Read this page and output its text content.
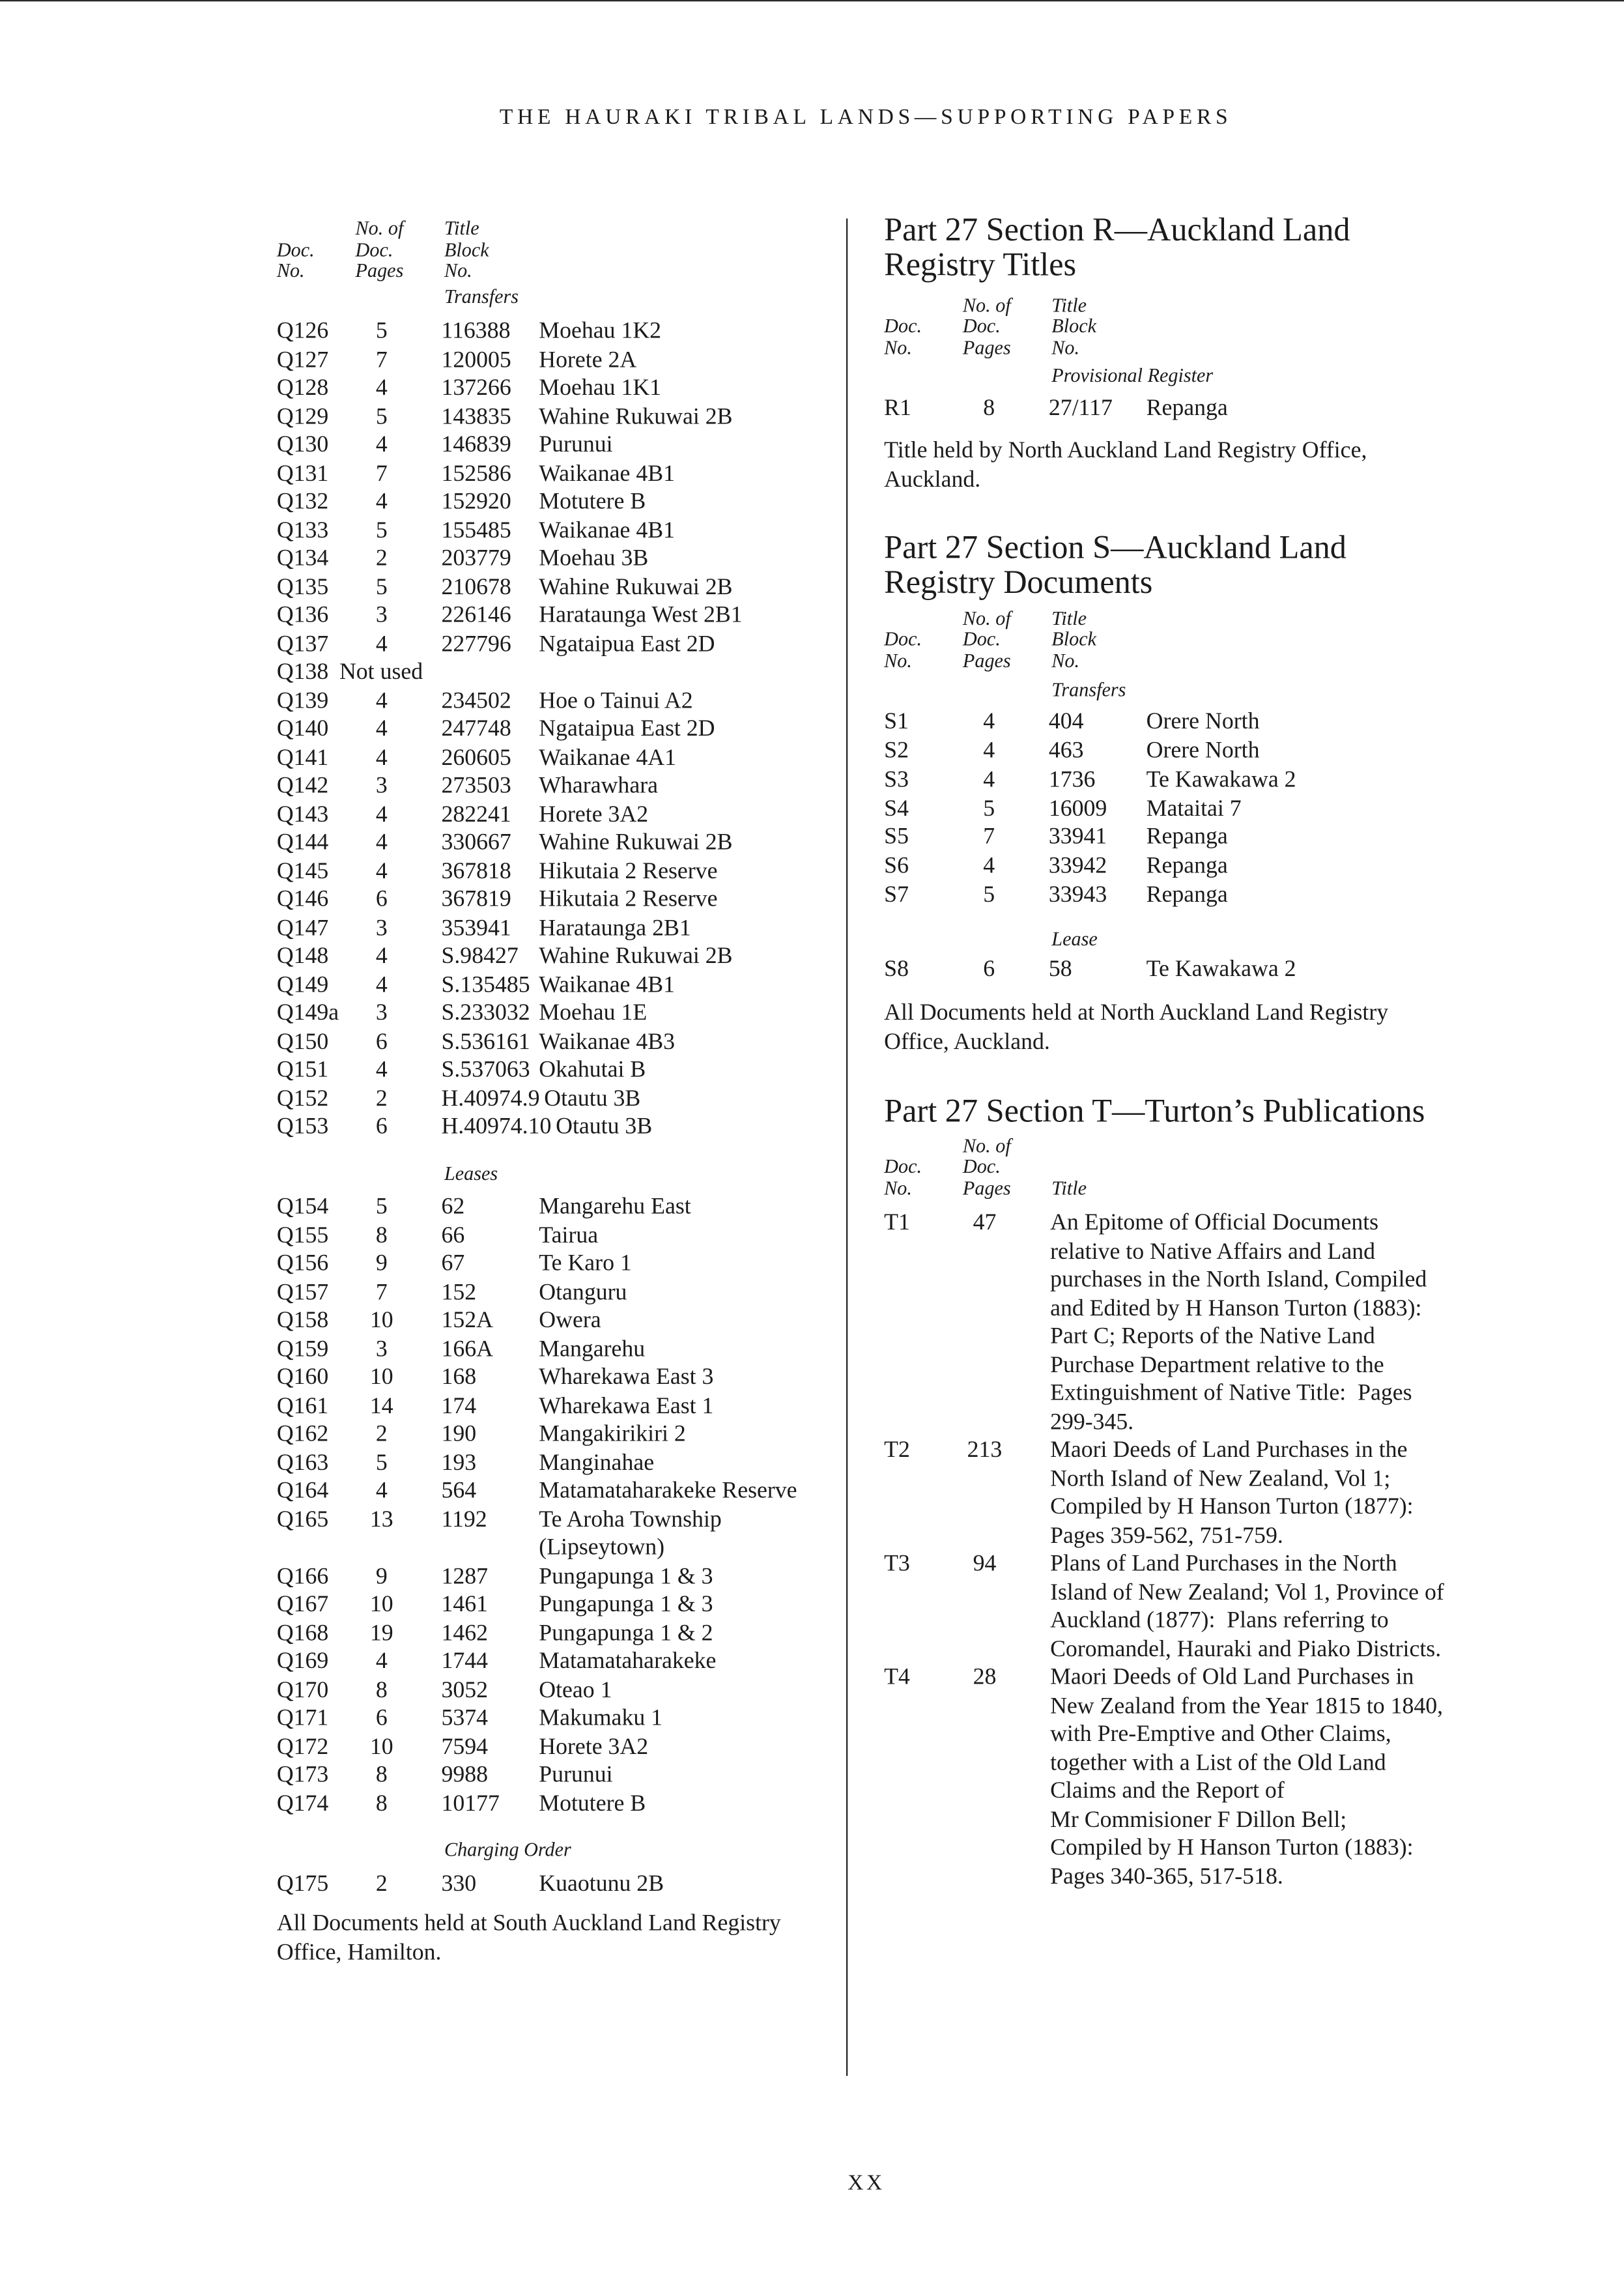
THE HAURAKI TRIBAL LANDS—SUPPORTING PAPERS
Doc.
No.
No. of
Doc.
Pages
Title
Block
No.
Transfers
Q126	5	116388	Moehau 1K2
Q127	7	120005	Horete 2A
Q128	4	137266	Moehau 1K1
Q129	5	143835	Wahine Rukuwai 2B
Q130	4	146839	Purunui
Q131	7	152586	Waikanae 4B1
Q132	4	152920	Motutere B
Q133	5	155485	Waikanae 4B1
Q134	2	203779	Moehau 3B
Q135	5	210678	Wahine Rukuwai 2B
Q136	3	226146	Harataunga West 2B1
Q137	4	227796	Ngataipua East 2D
Q138	Not used
Q139	4	234502	Hoe o Tainui A2
Q140	4	247748	Ngataipua East 2D
Q141	4	260605	Waikanae 4A1
Q142	3	273503	Wharawhara
Q143	4	282241	Horete 3A2
Q144	4	330667	Wahine Rukuwai 2B
Q145	4	367818	Hikutaia 2 Reserve
Q146	6	367819	Hikutaia 2 Reserve
Q147	3	353941	Harataunga 2B1
Q148	4	S.98427	Wahine Rukuwai 2B
Q149	4	S.135485 Waikanae 4B1
Q149a	3	S.233032 Moehau 1E
Q150	6	S.536161 Waikanae 4B3
Q151	4	S.537063 Okahutai B
Q152	2	H.40974.9 Otautu 3B
Q153	6	H.40974.10 Otautu 3B
Leases
Q154	5	62	Mangarehu East
Q155	8	66	Tairua
Q156	9	67	Te Karo 1
Q157	7	152	Otanguru
Q158	10	152A	Owera
Q159	3	166A	Mangarehu
Q160	10	168	Wharekawa East 3
Q161	14	174	Wharekawa East 1
Q162	2	190	Mangakirikiri 2
Q163	5	193	Manginahae
Q164	4	564	Matamataharakeke Reserve
Q165	13	1192	Te Aroha Township
(Lipseytown)
Q166	9	1287	Pungapunga 1 & 3
Q167	10	1461	Pungapunga 1 & 3
Q168	19	1462	Pungapunga 1 & 2
Q169	4	1744	Matamataharakeke
Q170	8	3052	Oteao 1
Q171	6	5374	Makumaku 1
Q172	10	7594	Horete 3A2
Q173	8	9988	Purunui
Q174	8	10177	Motutere B
Charging Order
Q175	2	330	Kuaotunu 2B
All Documents held at South Auckland Land Registry
Office, Hamilton.
Part 27 Section R—Auckland Land
Registry Titles
Doc.
No.
No. of
Doc.
Pages
Title
Block
No.
Provisional Register
R1	8	27/117	Repanga
Title held by North Auckland Land Registry Office,
Auckland.
Part 27 Section S—Auckland Land
Registry Documents
Doc.
No.
No. of
Doc.
Pages
Title
Block
No.
Transfers
S1	4	404	Orere North
S2	4	463	Orere North
S3	4	1736	Te Kawakawa 2
S4	5	16009	Mataitai 7
S5	7	33941	Repanga
S6	4	33942	Repanga
S7	5	33943	Repanga
Lease
S8	6	58	Te Kawakawa 2
All Documents held at North Auckland Land Registry
Office, Auckland.
Part 27 Section T—Turton’s Publications
Doc.
No.
No. of
Doc.
Pages	Title
T1	47	An Epitome of Official Documents
relative to Native Affairs and Land
purchases in the North Island, Compiled
and Edited by H Hanson Turton (1883):
Part C; Reports of the Native Land
Purchase Department relative to the
Extinguishment of Native Title:  Pages
299-345.
T2	213	Maori Deeds of Land Purchases in the
North Island of New Zealand, Vol 1;
Compiled by H Hanson Turton (1877):
Pages 359-562, 751-759.
T3	94	Plans of Land Purchases in the North
Island of New Zealand; Vol 1, Province of
Auckland (1877):  Plans referring to
Coromandel, Hauraki and Piako Districts.
T4	28	Maori Deeds of Old Land Purchases in
New Zealand from the Year 1815 to 1840,
with Pre-Emptive and Other Claims,
together with a List of the Old Land
Claims and the Report of
Mr Commisioner F Dillon Bell;
Compiled by H Hanson Turton (1883):
Pages 340-365, 517-518.
XX
